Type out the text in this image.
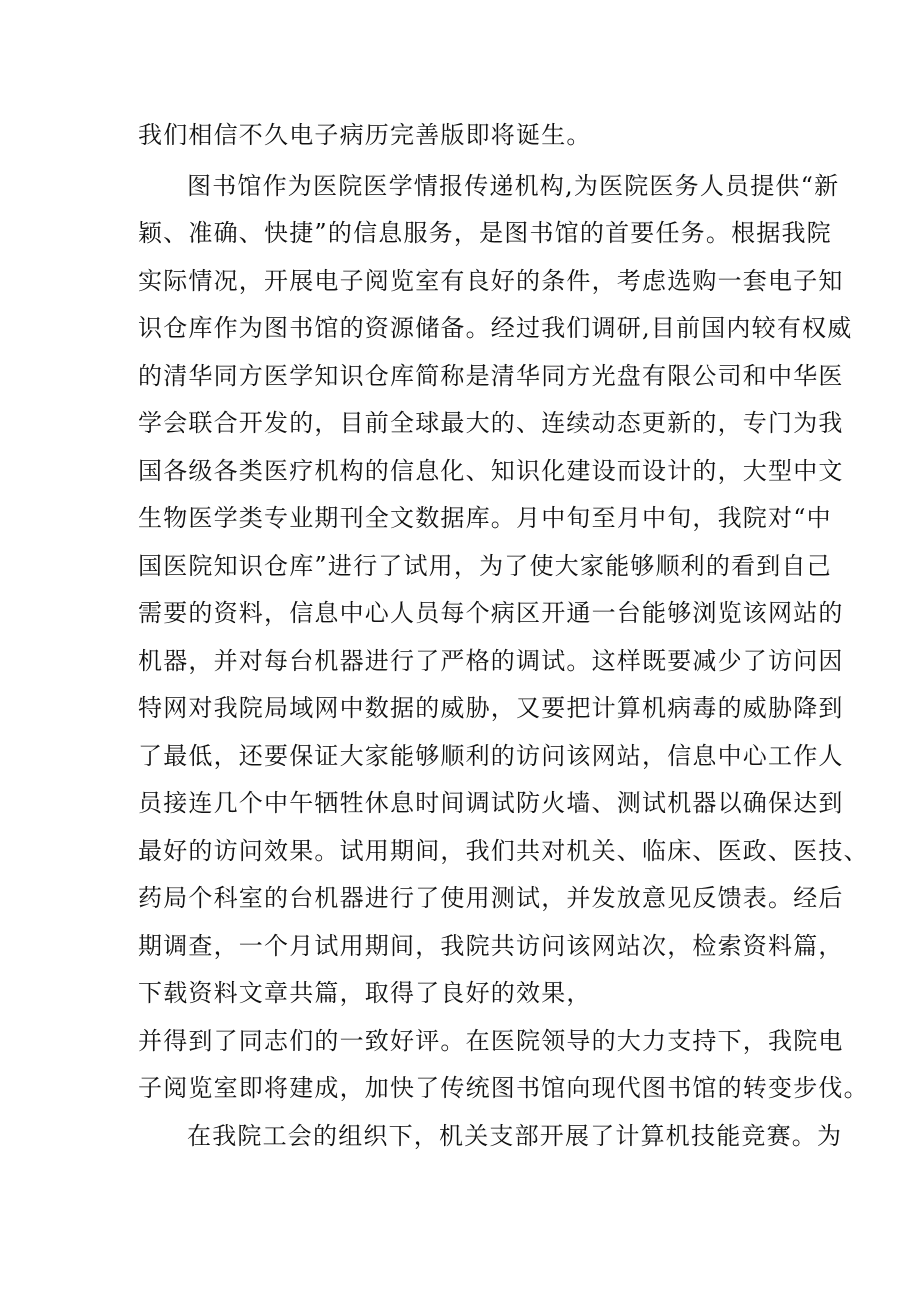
我们相信不久电子病历完善版即将诞生。
图书馆作为医院医学情报传递机构,为医院医务人员提供“新
颖、准确、快捷”的信息服务，是图书馆的首要任务。根据我院
实际情况，开展电子阅览室有良好的条件，考虑选购一套电子知
识仓库作为图书馆的资源储备。经过我们调研,目前国内较有权威
的清华同方医学知识仓库简称是清华同方光盘有限公司和中华医
学会联合开发的，目前全球最大的、连续动态更新的，专门为我
国各级各类医疗机构的信息化、知识化建设而设计的，大型中文
生物医学类专业期刊全文数据库。月中旬至月中旬，我院对“中
国医院知识仓库”进行了试用，为了使大家能够顺利的看到自己
需要的资料，信息中心人员每个病区开通一台能够浏览该网站的
机器，并对每台机器进行了严格的调试。这样既要减少了访问因
特网对我院局域网中数据的威胁，又要把计算机病毒的威胁降到
了最低，还要保证大家能够顺利的访问该网站，信息中心工作人
员接连几个中午牺牲休息时间调试防火墙、测试机器以确保达到
最好的访问效果。试用期间，我们共对机关、临床、医政、医技、
药局个科室的台机器进行了使用测试，并发放意见反馈表。经后
期调查，一个月试用期间，我院共访问该网站次，检索资料篇，
下载资料文章共篇，取得了良好的效果，
并得到了同志们的一致好评。在医院领导的大力支持下，我院电
子阅览室即将建成，加快了传统图书馆向现代图书馆的转变步伐。
在我院工会的组织下，机关支部开展了计算机技能竞赛。为
